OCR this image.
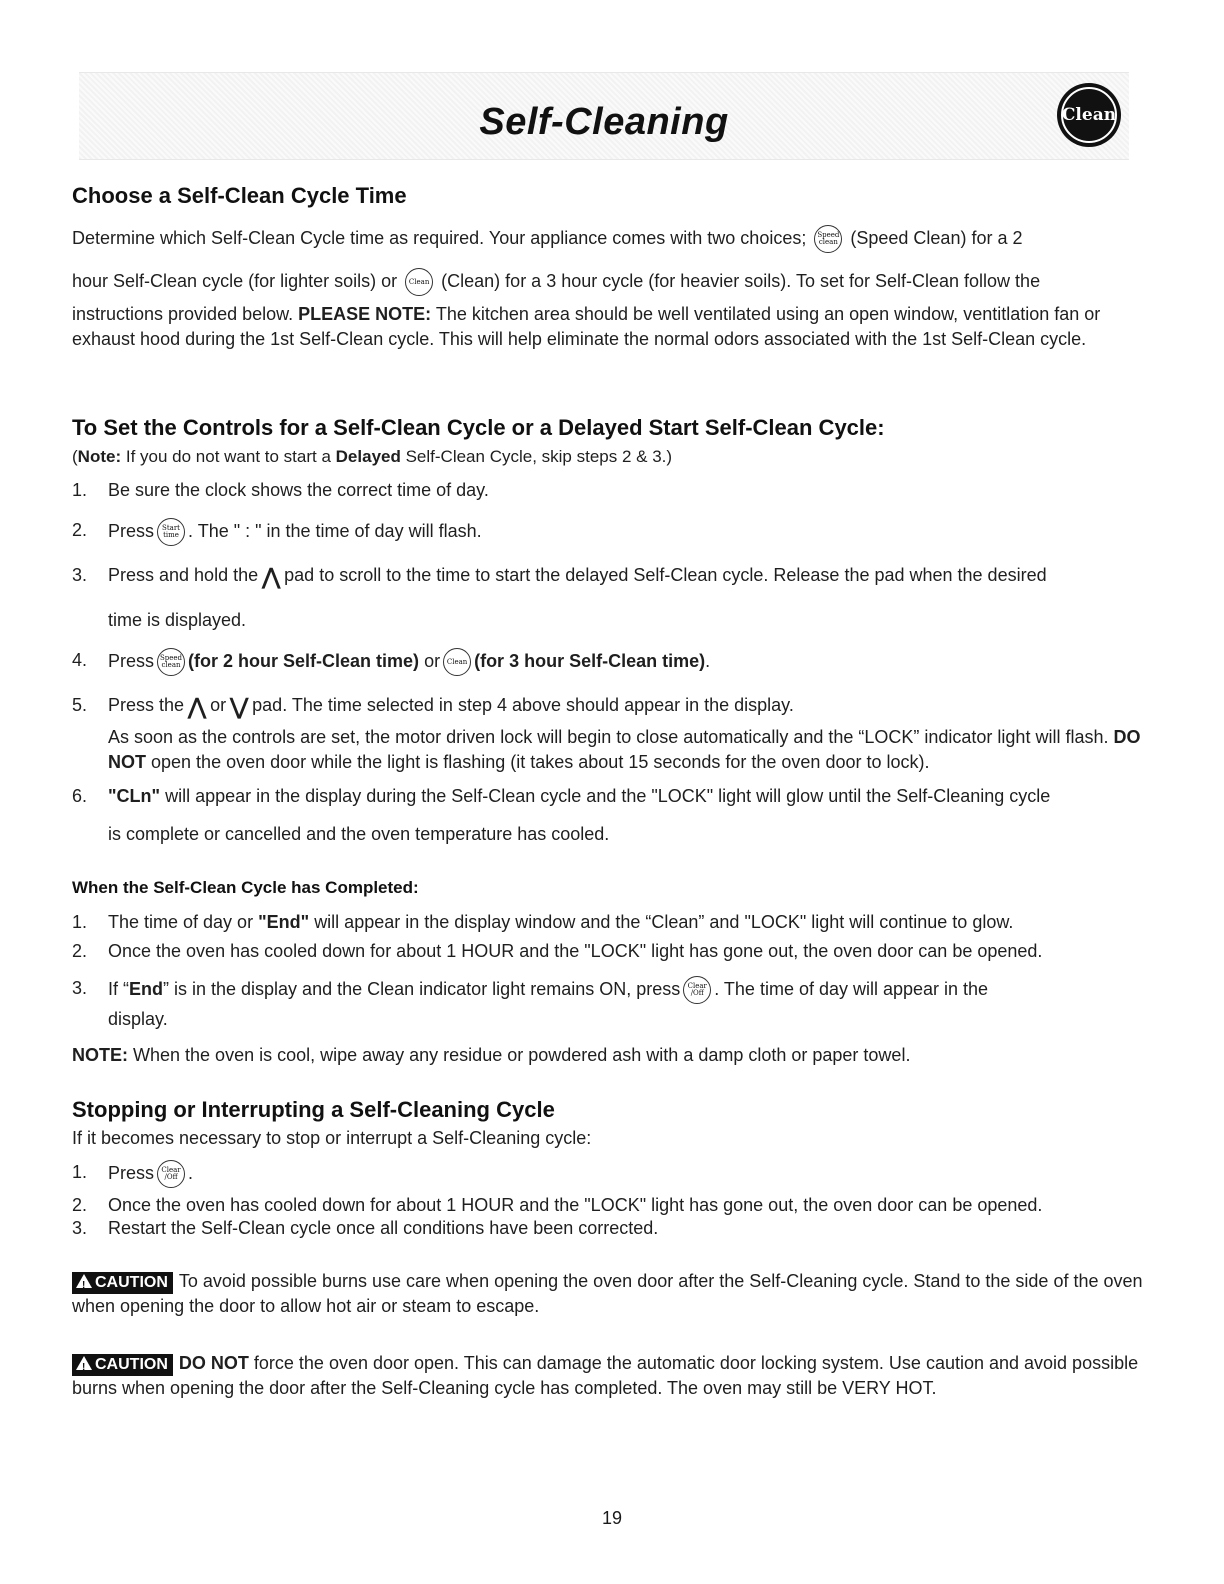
Self-Cleaning	Clean
Choose a Self-Clean Cycle Time
Determine which Self-Clean Cycle time as required. Your appliance comes with two choices; Speed clean (Speed Clean) for a 2
hour Self-Clean cycle (for lighter soils) or Clean (Clean) for a 3 hour cycle (for heavier soils). To set for Self-Clean follow the
instructions provided below. PLEASE NOTE: The kitchen area should be well ventilated using an open window, ventitlation fan or exhaust hood during the 1st Self-Clean cycle. This will help eliminate the normal odors associated with the 1st Self-Clean cycle.
To Set the Controls for a Self-Clean Cycle or a Delayed Start Self-Clean Cycle:
(Note: If you do not want to start a Delayed Self-Clean Cycle, skip steps 2 & 3.)
1. Be sure the clock shows the correct time of day.
2. Press Start time . The " : " in the time of day will flash.
3. Press and hold the ⋀ pad to scroll to the time to start the delayed Self-Clean cycle. Release the pad when the desired
time is displayed.
4. Press Speed clean (for 2 hour Self-Clean time) or Clean (for 3 hour Self-Clean time).
5. Press the ⋀ or ⋁ pad. The time selected in step 4 above should appear in the display.
As soon as the controls are set, the motor driven lock will begin to close automatically and the “LOCK” indicator light will flash. DO NOT open the oven door while the light is flashing (it takes about 15 seconds for the oven door to lock).
6. "CLn" will appear in the display during the Self-Clean cycle and the "LOCK" light will glow until the Self-Cleaning cycle
is complete or cancelled and the oven temperature has cooled.
When the Self-Clean Cycle has Completed:
1. The time of day or "End" will appear in the display window and the “Clean” and "LOCK" light will continue to glow.
2. Once the oven has cooled down for about 1 HOUR and the "LOCK" light has gone out, the oven door can be opened.
3. If “End” is in the display and the Clean indicator light remains ON, press Clear /Off . The time of day will appear in the
display.
NOTE: When the oven is cool, wipe away any residue or powdered ash with a damp cloth or paper towel.
Stopping or Interrupting a Self-Cleaning Cycle
If it becomes necessary to stop or interrupt a Self-Cleaning cycle:
1. Press Clear /Off .
2. Once the oven has cooled down for about 1 HOUR and the "LOCK" light has gone out, the oven door can be opened.
3. Restart the Self-Clean cycle once all conditions have been corrected.
!CAUTION To avoid possible burns use care when opening the oven door after the Self-Cleaning cycle. Stand to the side of the oven when opening the door to allow hot air or steam to escape.
!CAUTION DO NOT force the oven door open. This can damage the automatic door locking system. Use caution and avoid possible burns when opening the door after the Self-Cleaning cycle has completed. The oven may still be VERY HOT.
19
